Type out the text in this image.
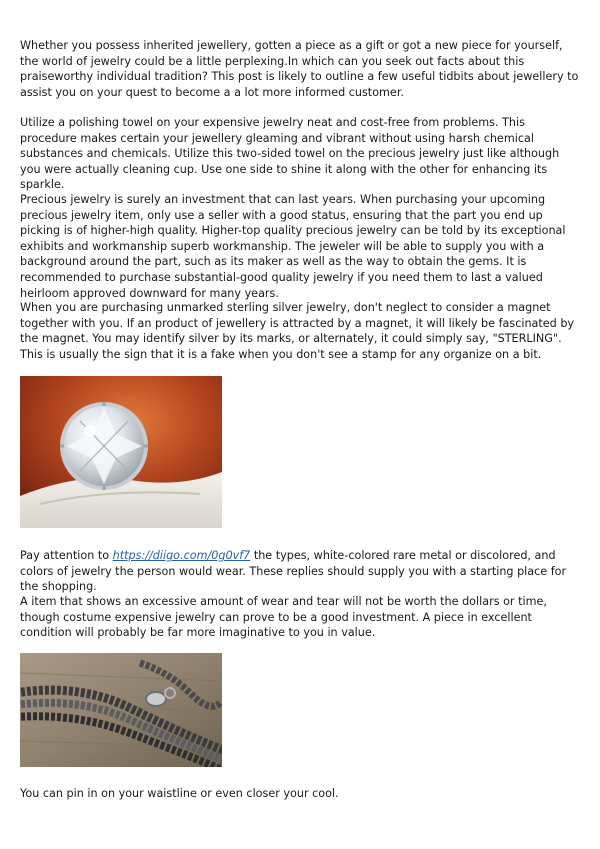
Whether you possess inherited jewellery, gotten a piece as a gift or got a new piece for yourself, the world of jewelry could be a little perplexing.In which can you seek out facts about this praiseworthy individual tradition? This post is likely to outline a few useful tidbits about jewellery to assist you on your quest to become a a lot more informed customer.

Utilize a polishing towel on your expensive jewelry neat and cost-free from problems. This procedure makes certain your jewellery gleaming and vibrant without using harsh chemical substances and chemicals. Utilize this two-sided towel on the precious jewelry just like although you were actually cleaning cup. Use one side to shine it along with the other for enhancing its sparkle.

Precious jewelry is surely an investment that can last years. When purchasing your upcoming precious jewelry item, only use a seller with a good status, ensuring that the part you end up picking is of higher-high quality. Higher-top quality precious jewelry can be told by its exceptional exhibits and workmanship superb workmanship. The jeweler will be able to supply you with a background around the part, such as its maker as well as the way to obtain the gems. It is recommended to purchase substantial-good quality jewelry if you need them to last a valued heirloom approved downward for many years.

When you are purchasing unmarked sterling silver jewelry, don't neglect to consider a magnet together with you. If an product of jewellery is attracted by a magnet, it will likely be fascinated by the magnet. You may identify silver by its marks, or alternately, it could simply say, "STERLING". This is usually the sign that it is a fake when you don't see a stamp for any organize on a bit.

Pay attention to https://diigo.com/0g0vf7 the types, white-colored rare metal or discolored, and colors of jewelry the person would wear. These replies should supply you with a starting place for the shopping.

A item that shows an excessive amount of wear and tear will not be worth the dollars or time, though costume expensive jewelry can prove to be a good investment. A piece in excellent condition will probably be far more imaginative to you in value.

You can pin in on your waistline or even closer your cool.
